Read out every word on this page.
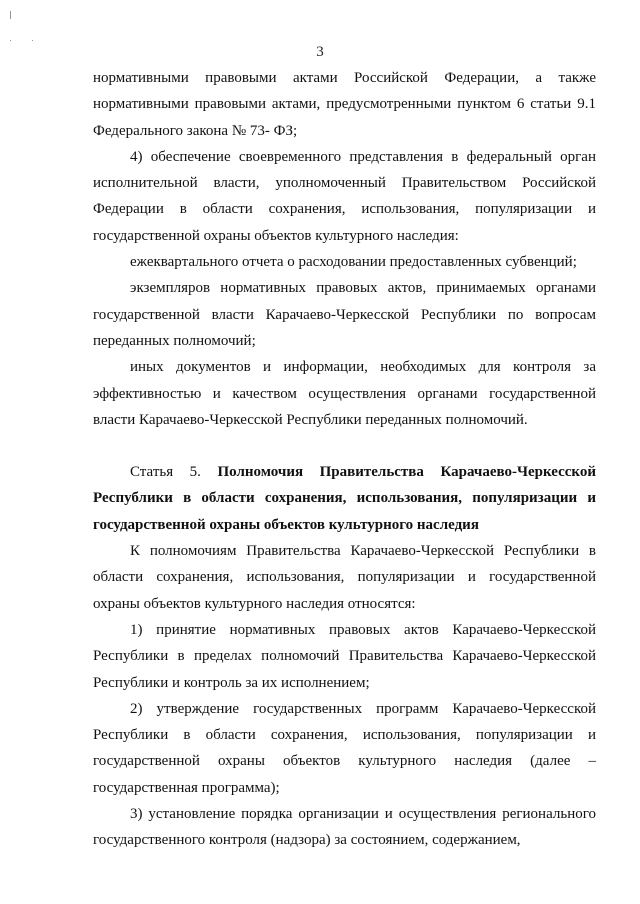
3

нормативными правовыми актами Российской Федерации, а также нормативными правовыми актами, предусмотренными пунктом 6 статьи 9.1 Федерального закона № 73- ФЗ;

4) обеспечение своевременного представления в федеральный орган исполнительной власти, уполномоченный Правительством Российской Федерации в области сохранения, использования, популяризации и государственной охраны объектов культурного наследия:

ежеквартального отчета о расходовании предоставленных субвенций;

экземпляров нормативных правовых актов, принимаемых органами государственной власти Карачаево-Черкесской Республики по вопросам переданных полномочий;

иных документов и информации, необходимых для контроля за эффективностью и качеством осуществления органами государственной власти Карачаево-Черкесской Республики переданных полномочий.

Статья 5. Полномочия Правительства Карачаево-Черкесской Республики в области сохранения, использования, популяризации и государственной охраны объектов культурного наследия

К полномочиям Правительства Карачаево-Черкесской Республики в области сохранения, использования, популяризации и государственной охраны объектов культурного наследия относятся:

1) принятие нормативных правовых актов Карачаево-Черкесской Республики в пределах полномочий Правительства Карачаево-Черкесской Республики и контроль за их исполнением;

2) утверждение государственных программ Карачаево-Черкесской Республики в области сохранения, использования, популяризации и государственной охраны объектов культурного наследия (далее – государственная программа);

3) установление порядка организации и осуществления регионального государственного контроля (надзора) за состоянием, содержанием,
